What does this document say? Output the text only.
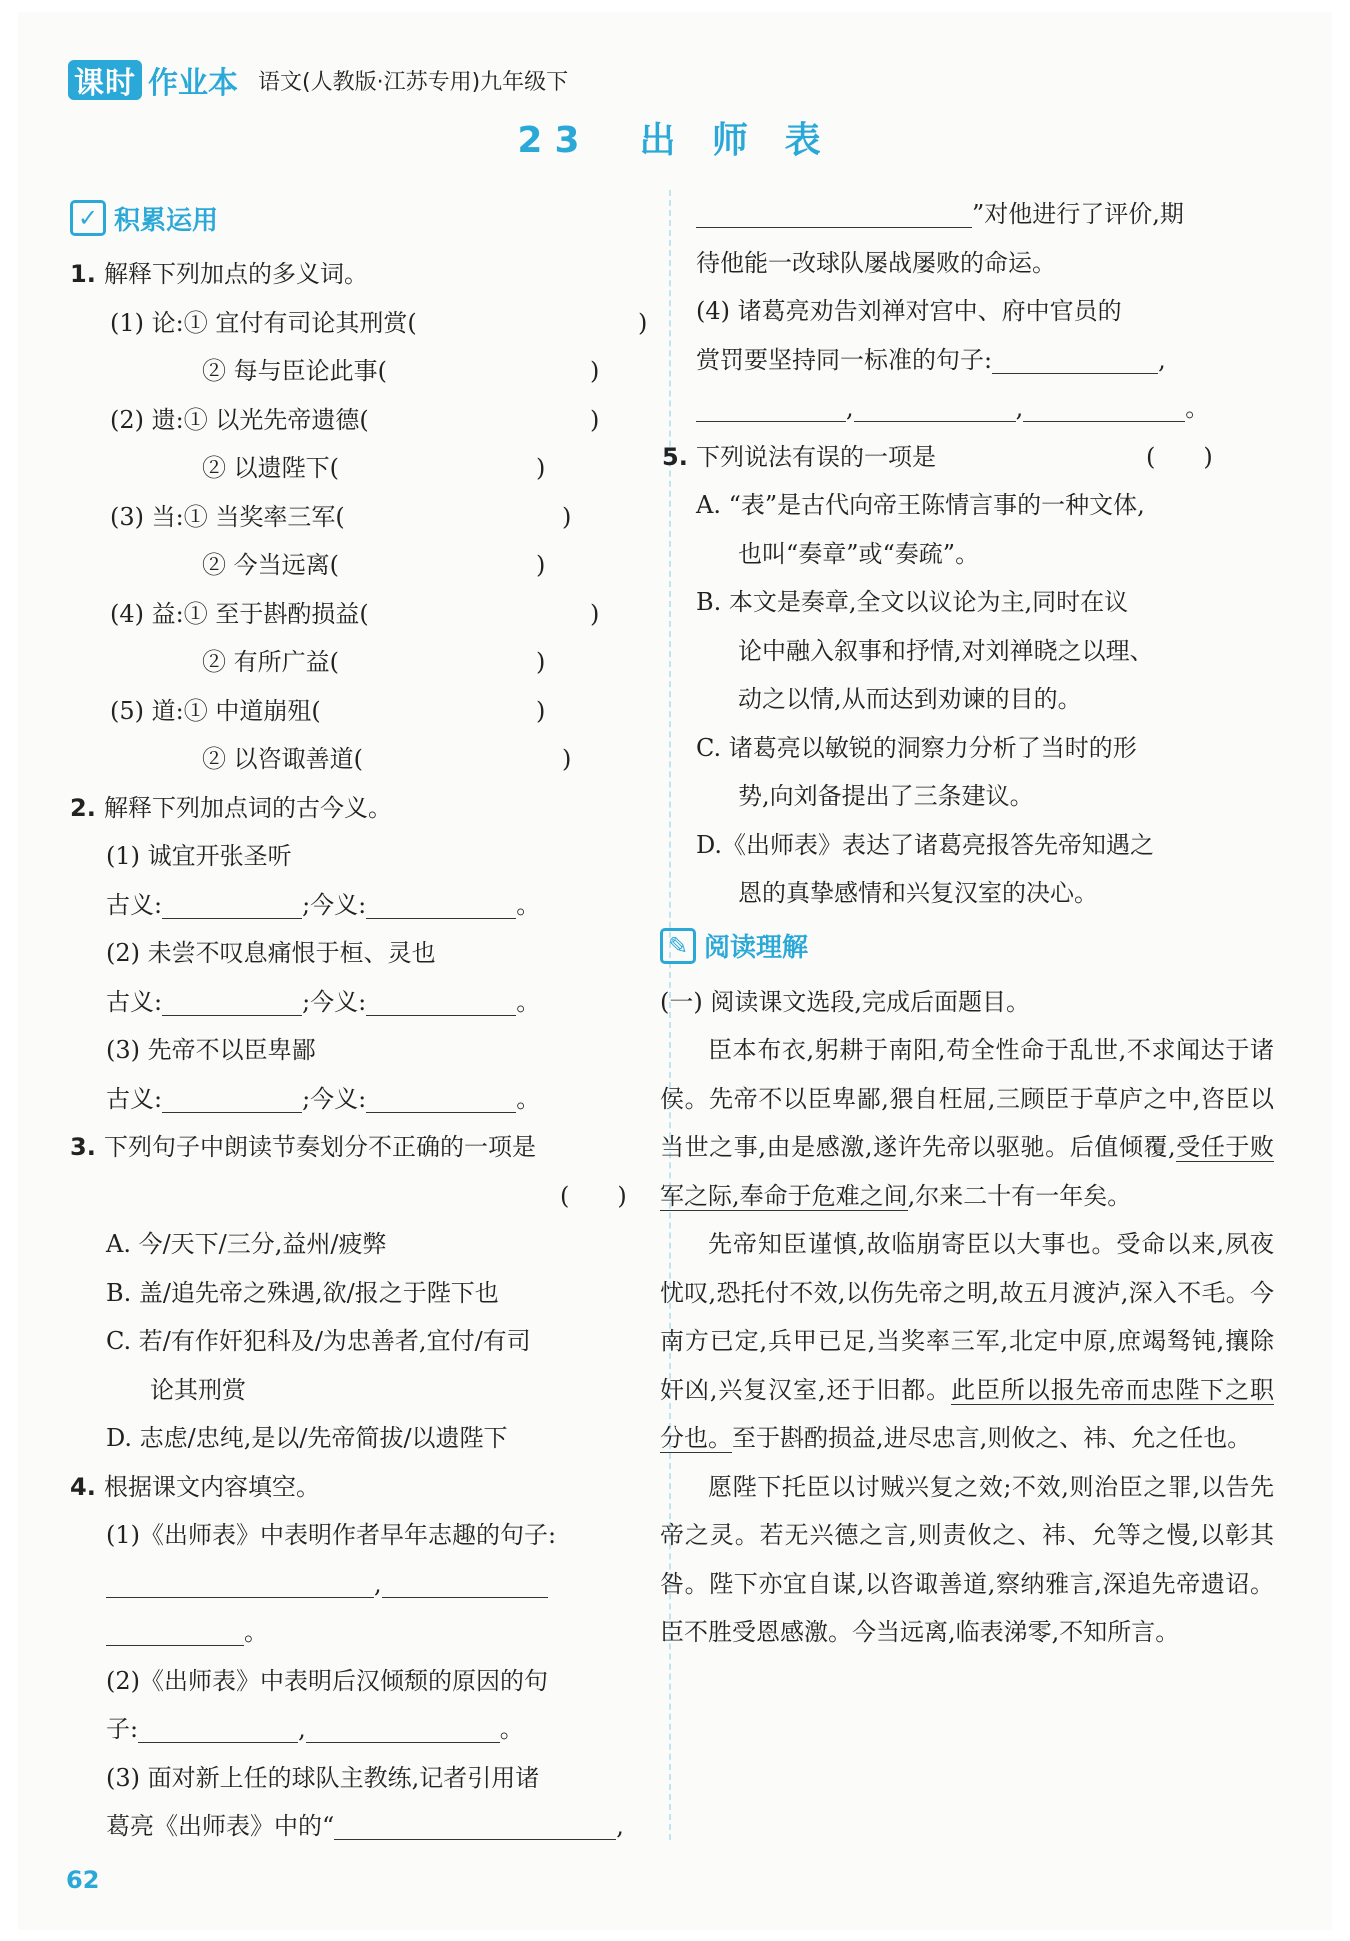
课时 作业本 语文(人教版·江苏专用)九年级下
23　出 师 表
✓ 积累运用
1. 解释下列加点的多义词。
(1) 论:① 宜付有司论其刑赏(	)
② 每与臣论此事(	)
(2) 遗:① 以光先帝遗德(	)
② 以遗陛下(	)
(3) 当:① 当奖率三军(	)
② 今当远离(	)
(4) 益:① 至于斟酌损益(	)
② 有所广益(	)
(5) 道:① 中道崩殂(	)
② 以咨诹善道(	)
2. 解释下列加点词的古今义。
(1) 诚宜开张圣听
古义:	;今义:	。
(2) 未尝不叹息痛恨于桓、灵也
古义:	;今义:	。
(3) 先帝不以臣卑鄙
古义:	;今义:	。
3. 下列句子中朗读节奏划分不正确的一项是
(　　)
A. 今/天下/三分,益州/疲弊
B. 盖/追先帝之殊遇,欲/报之于陛下也
C. 若/有作奸犯科及/为忠善者,宜付/有司
论其刑赏
D. 志虑/忠纯,是以/先帝简拔/以遗陛下
4. 根据课文内容填空。
(1)《出师表》中表明作者早年志趣的句子:
,
。
(2)《出师表》中表明后汉倾颓的原因的句
子:	,	。
(3) 面对新上任的球队主教练,记者引用诸
葛亮《出师表》中的“	,
”对他进行了评价,期
待他能一改球队屡战屡败的命运。
(4) 诸葛亮劝告刘禅对宫中、府中官员的
赏罚要坚持同一标准的句子:	,
,	,	。
5. 下列说法有误的一项是	(　　)
A. “表”是古代向帝王陈情言事的一种文体,
也叫“奏章”或“奏疏”。
B. 本文是奏章,全文以议论为主,同时在议
论中融入叙事和抒情,对刘禅晓之以理、
动之以情,从而达到劝谏的目的。
C. 诸葛亮以敏锐的洞察力分析了当时的形
势,向刘备提出了三条建议。
D.《出师表》表达了诸葛亮报答先帝知遇之
恩的真挚感情和兴复汉室的决心。
✎ 阅读理解
(一) 阅读课文选段,完成后面题目。

臣本布衣,躬耕于南阳,苟全性命于乱世,不求闻达于诸侯。先帝不以臣卑鄙,猥自枉屈,三顾臣于草庐之中,咨臣以当世之事,由是感激,遂许先帝以驱驰。后值倾覆,受任于败军之际,奉命于危难之间,尔来二十有一年矣。

先帝知臣谨慎,故临崩寄臣以大事也。受命以来,夙夜忧叹,恐托付不效,以伤先帝之明,故五月渡泸,深入不毛。今南方已定,兵甲已足,当奖率三军,北定中原,庶竭驽钝,攘除奸凶,兴复汉室,还于旧都。此臣所以报先帝而忠陛下之职分也。至于斟酌损益,进尽忠言,则攸之、祎、允之任也。

愿陛下托臣以讨贼兴复之效;不效,则治臣之罪,以告先帝之灵。若无兴德之言,则责攸之、祎、允等之慢,以彰其咎。陛下亦宜自谋,以咨诹善道,察纳雅言,深追先帝遗诏。臣不胜受恩感激。今当远离,临表涕零,不知所言。

62
